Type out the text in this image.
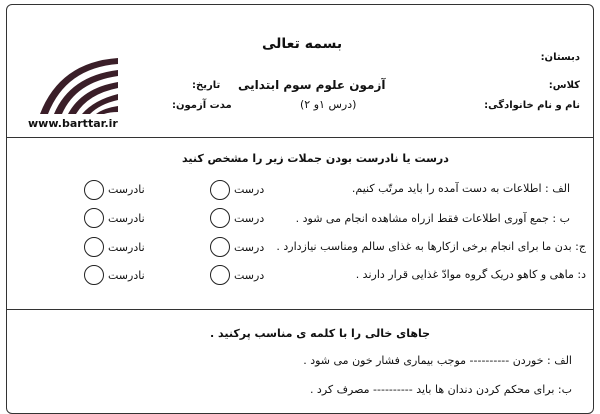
بسمه تعالی
دبستان:
کلاس:
نام و نام خانوادگی:
آزمون علوم سوم ابتدایی
(درس ۱و ۲)
تاریخ:
مدت آزمون:
www.barttar.ir
درست یا نادرست بودن جملات زیر را مشخص کنید
الف : اطلاعات به دست آمده را باید مرتّب کنیم.
درست
نادرست
ب : جمع آوری اطلاعات فقط ازراه مشاهده انجام می شود .
درست
نادرست
ج: بدن ما برای انجام برخی ازکارها به غذای سالم ومناسب نیازدارد .
درست
نادرست
د: ماهی و کاهو دریک گروه موادّ غذایی قرار دارند .
درست
نادرست
جاهای خالی را با کلمه ی مناسب پرکنید .
الف : خوردن ---------- موجب بیماری فشار خون می شود .
ب: برای محکم کردن دندان ها باید ---------- مصرف کرد .
